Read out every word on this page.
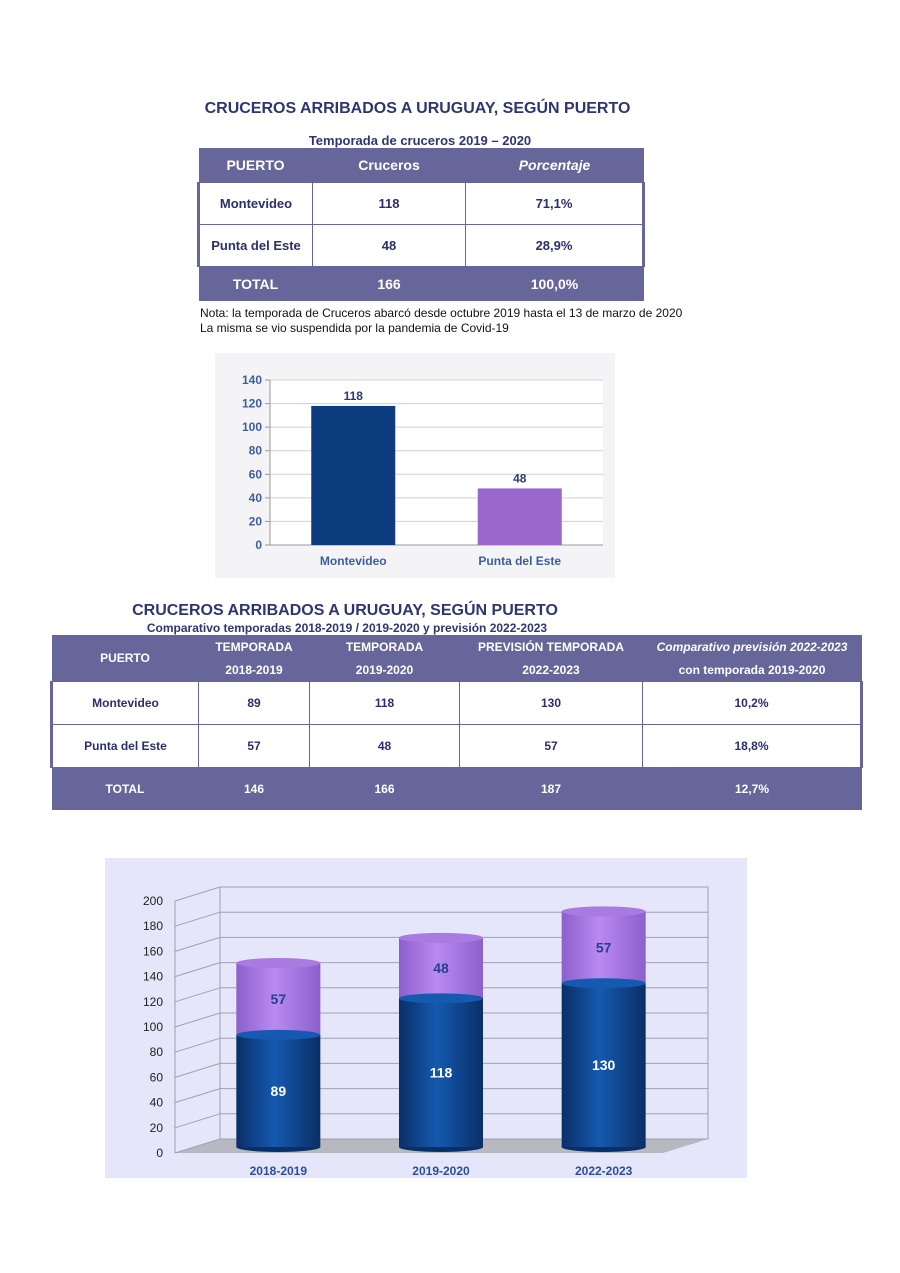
CRUCEROS ARRIBADOS A URUGUAY, SEGÚN PUERTO
Temporada de cruceros 2019 – 2020
PUERTO	Cruceros	Porcentaje
Montevideo	118	71,1%
Punta del Este	48	28,9%
TOTAL	166	100,0%
Nota: la temporada de Cruceros abarcó desde octubre 2019 hasta el 13 de marzo de 2020
La misma se vio suspendida por la pandemia de Covid-19
0
20
40
60
80
100
120
140
118
Montevideo
48
Punta del Este
CRUCEROS ARRIBADOS A URUGUAY, SEGÚN PUERTO
Comparativo temporadas 2018-2019 / 2019-2020 y previsión 2022-2023
PUERTO	TEMPORADA	TEMPORADA	PREVISIÓN TEMPORADA	Comparativo previsión 2022-2023
	2018-2019	2019-2020	2022-2023	con temporada 2019-2020
Montevideo	89	118	130	10,2%
Punta del Este	57	48	57	18,8%
TOTAL	146	166	187	12,7%
0
20
40
60
80
100
120
140
160
180
200
89
57
2018-2019
118
48
2019-2020
130
57
2022-2023
